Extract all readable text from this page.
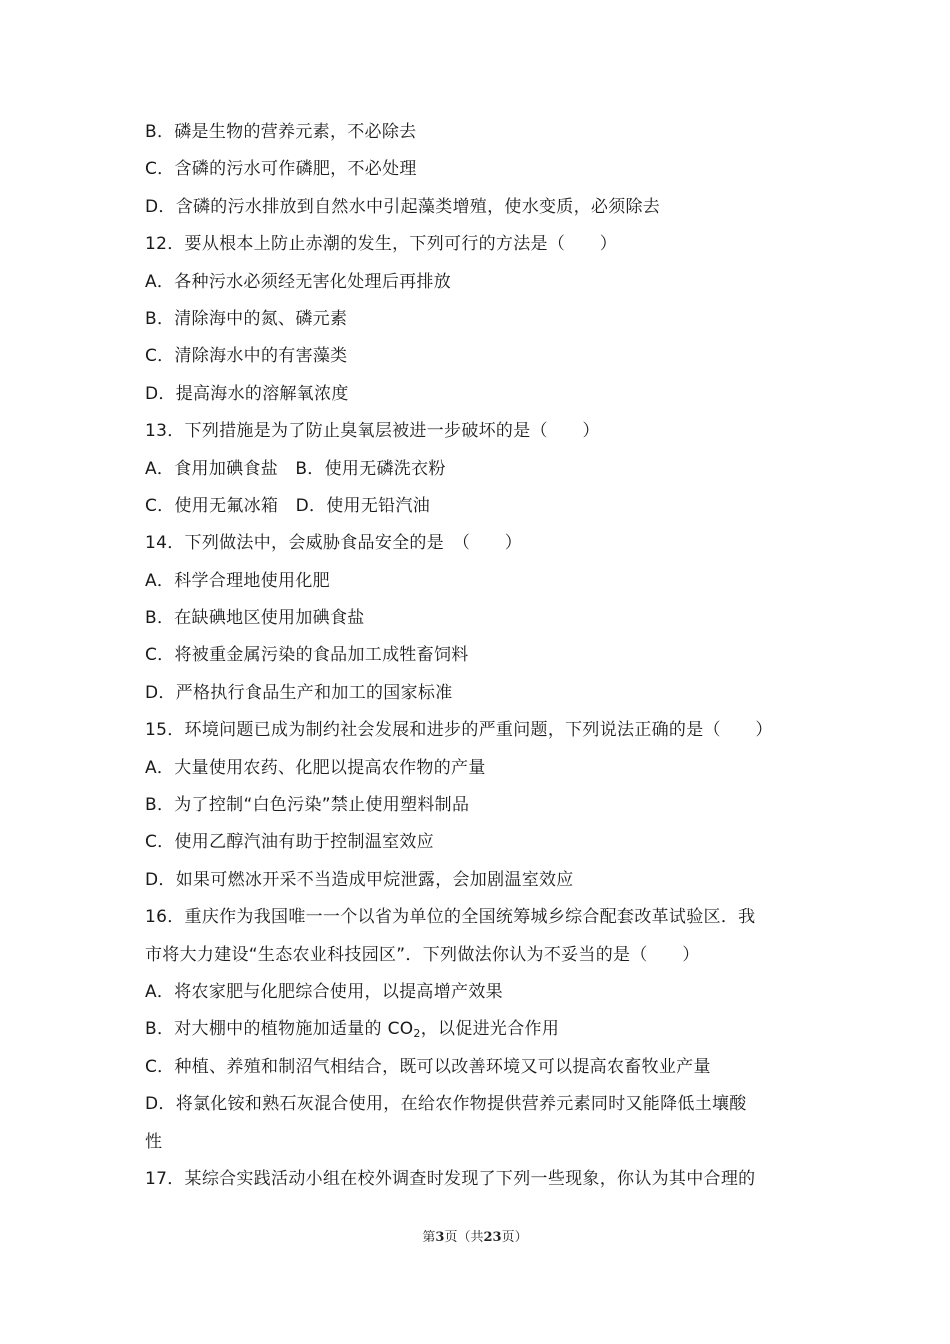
B．磷是生物的营养元素，不必除去
C．含磷的污水可作磷肥，不必处理
D．含磷的污水排放到自然水中引起藻类增殖，使水变质，必须除去
12．要从根本上防止赤潮的发生，下列可行的方法是（　　）
A．各种污水必须经无害化处理后再排放
B．清除海中的氮、磷元素
C．清除海水中的有害藻类
D．提高海水的溶解氧浓度
13．下列措施是为了防止臭氧层被进一步破坏的是（　　）
A．食用加碘食盐　B．使用无磷洗衣粉
C．使用无氟冰箱　D．使用无铅汽油
14．下列做法中，会威胁食品安全的是　（　　）
A．科学合理地使用化肥
B．在缺碘地区使用加碘食盐
C．将被重金属污染的食品加工成牲畜饲料
D．严格执行食品生产和加工的国家标准
15．环境问题已成为制约社会发展和进步的严重问题，下列说法正确的是（　　）
A．大量使用农药、化肥以提高农作物的产量
B．为了控制“白色污染”禁止使用塑料制品
C．使用乙醇汽油有助于控制温室效应
D．如果可燃冰开采不当造成甲烷泄露，会加剧温室效应
16．重庆作为我国唯一一个以省为单位的全国统筹城乡综合配套改革试验区．我
市将大力建设“生态农业科技园区”．下列做法你认为不妥当的是（　　）
A．将农家肥与化肥综合使用，以提高增产效果
B．对大棚中的植物施加适量的 $CO_2$，以促进光合作用
C．种植、养殖和制沼气相结合，既可以改善环境又可以提高农畜牧业产量
D．将氯化铵和熟石灰混合使用，在给农作物提供营养元素同时又能降低土壤酸
性
17．某综合实践活动小组在校外调查时发现了下列一些现象，你认为其中合理的
第3页（共23页）
